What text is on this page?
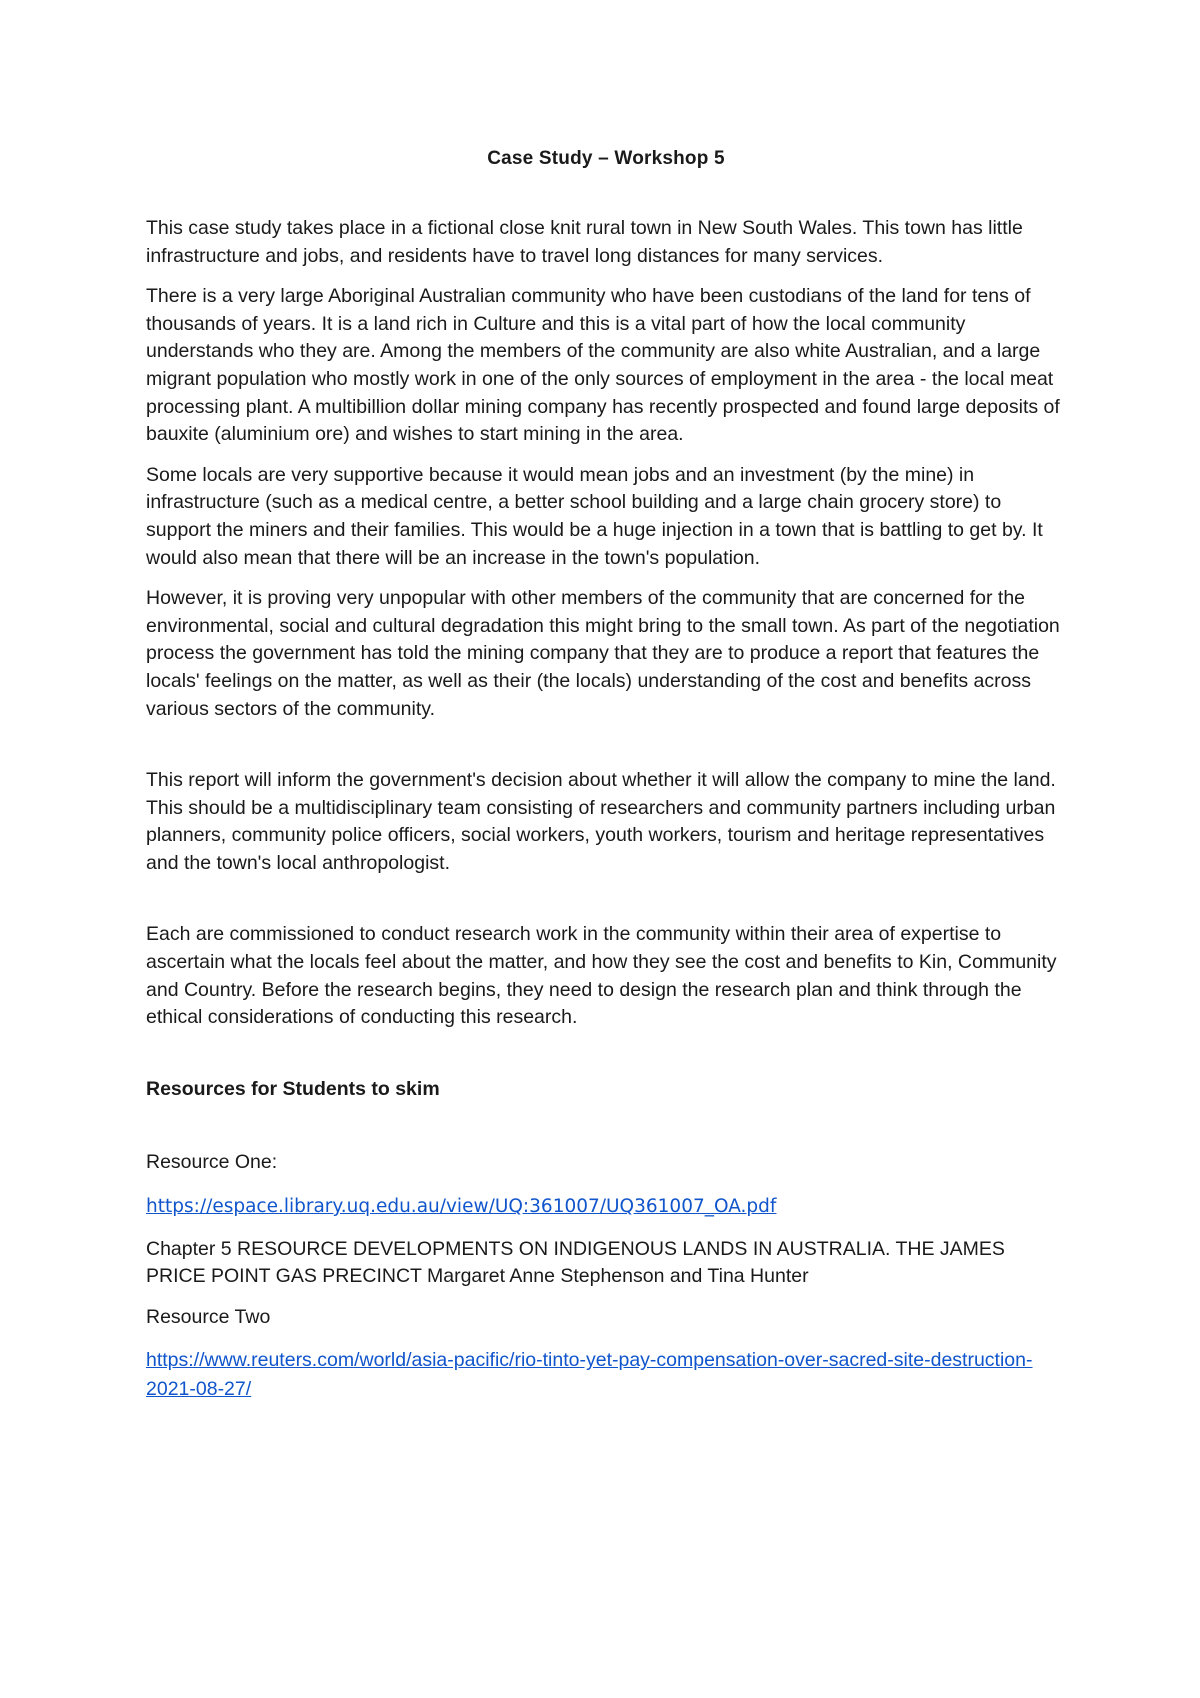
Case Study – Workshop 5

This case study takes place in a fictional close knit rural town in New South Wales. This town has little infrastructure and jobs, and residents have to travel long distances for many services.

There is a very large Aboriginal Australian community who have been custodians of the land for tens of thousands of years. It is a land rich in Culture and this is a vital part of how the local community understands who they are. Among the members of the community are also white Australian, and a large migrant population who mostly work in one of the only sources of employment in the area - the local meat processing plant. A multibillion dollar mining company has recently prospected and found large deposits of bauxite (aluminium ore) and wishes to start mining in the area.

Some locals are very supportive because it would mean jobs and an investment (by the mine) in infrastructure (such as a medical centre, a better school building and a large chain grocery store) to support the miners and their families. This would be a huge injection in a town that is battling to get by. It would also mean that there will be an increase in the town's population.

However, it is proving very unpopular with other members of the community that are concerned for the environmental, social and cultural degradation this might bring to the small town. As part of the negotiation process the government has told the mining company that they are to produce a report that features the locals' feelings on the matter, as well as their (the locals) understanding of the cost and benefits across various sectors of the community.

This report will inform the government's decision about whether it will allow the company to mine the land. This should be a multidisciplinary team consisting of researchers and community partners including urban planners, community police officers, social workers, youth workers, tourism and heritage representatives and the town's local anthropologist.

Each are commissioned to conduct research work in the community within their area of expertise to ascertain what the locals feel about the matter, and how they see the cost and benefits to Kin, Community and Country. Before the research begins, they need to design the research plan and think through the ethical considerations of conducting this research.

Resources for Students to skim
Resource One:
https://espace.library.uq.edu.au/view/UQ:361007/UQ361007_OA.pdf

Chapter 5 RESOURCE DEVELOPMENTS ON INDIGENOUS LANDS IN AUSTRALIA. THE JAMES PRICE POINT GAS PRECINCT Margaret Anne Stephenson and Tina Hunter

Resource Two
https://www.reuters.com/world/asia-pacific/rio-tinto-yet-pay-compensation-over-sacred-site-destruction-2021-08-27/
